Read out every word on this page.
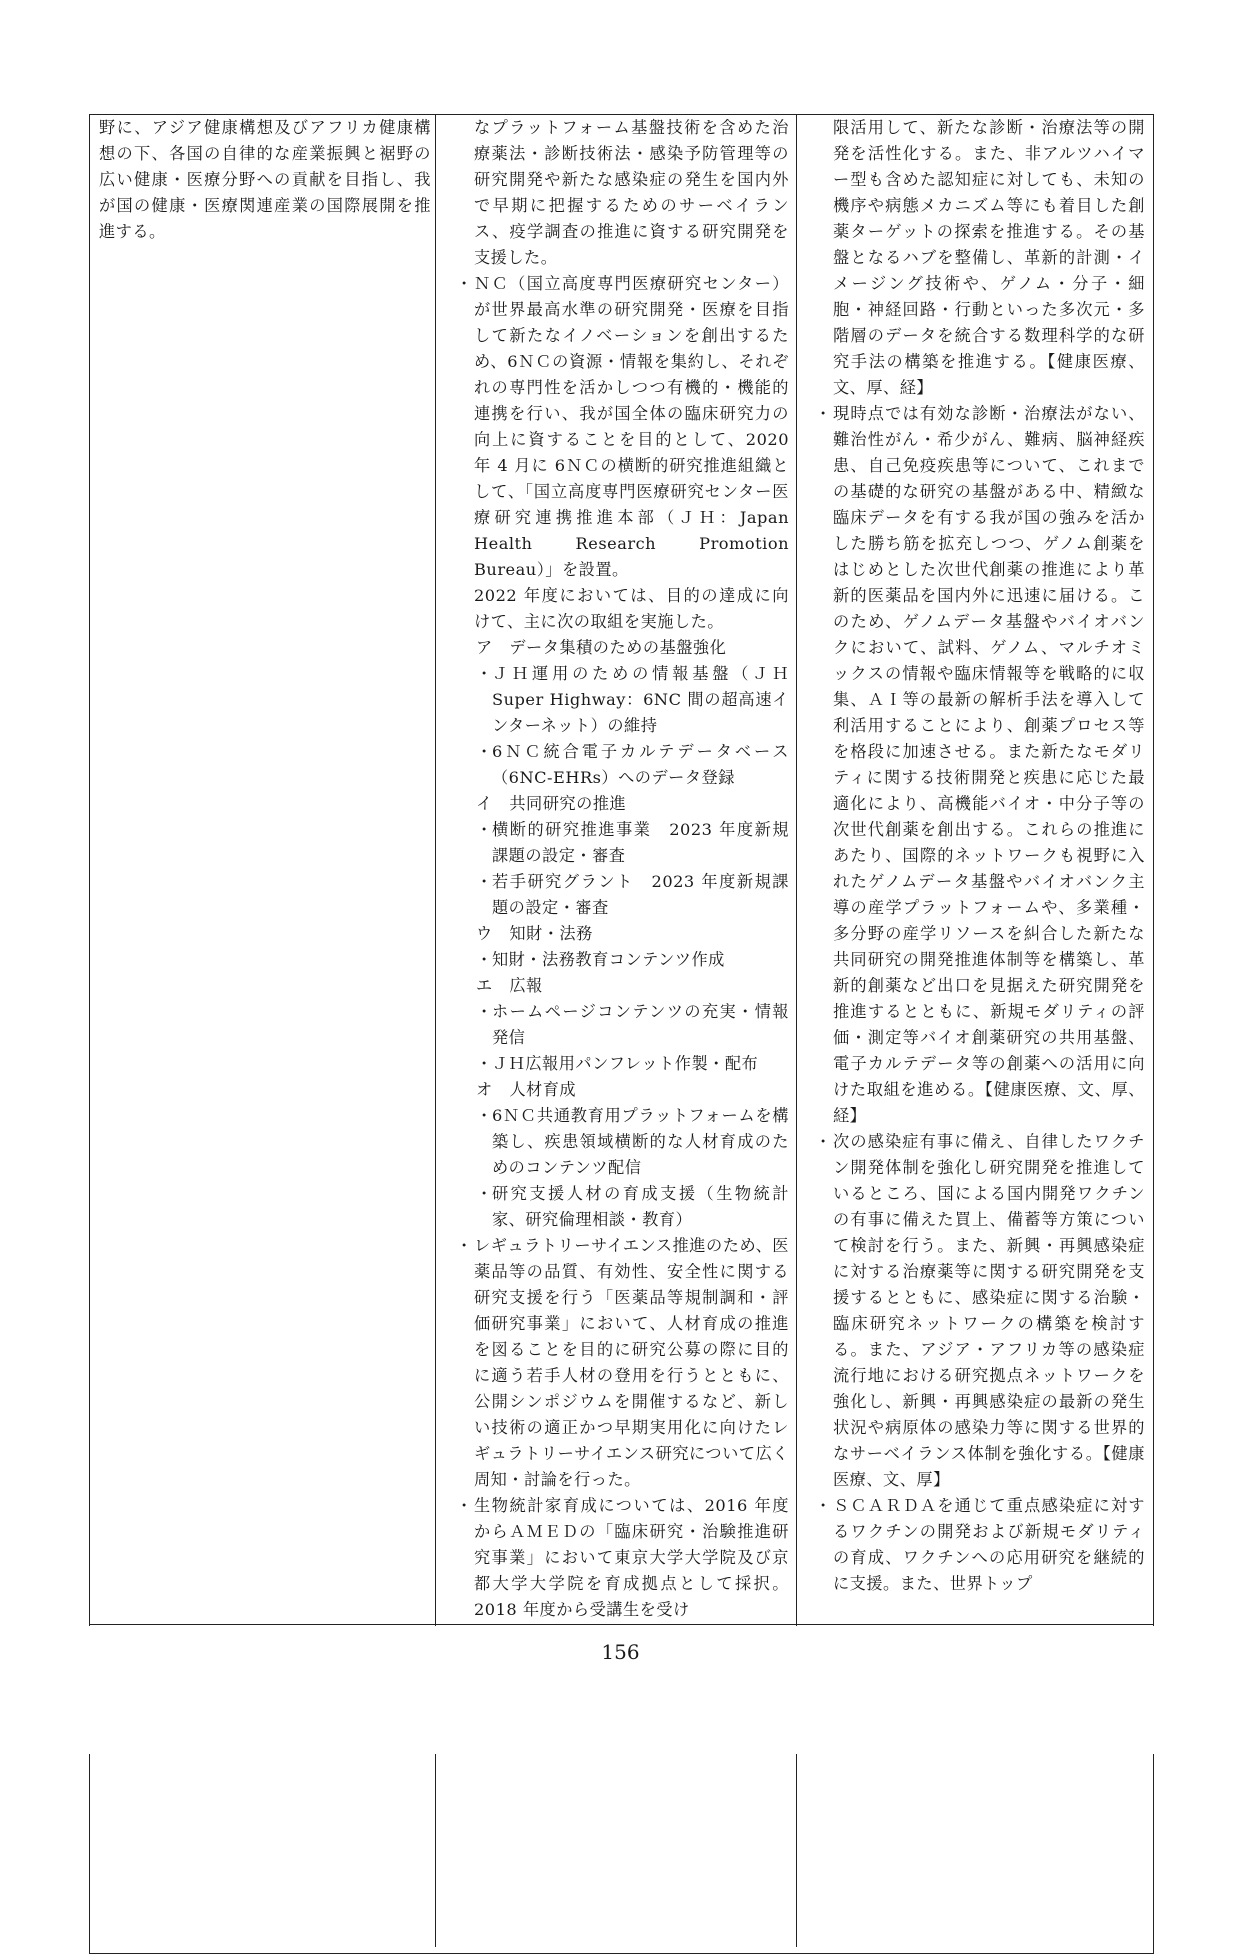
野に、アジア健康構想及びアフリカ健康構想の下、各国の自律的な産業振興と裾野の広い健康・医療分野への貢献を目指し、我が国の健康・医療関連産業の国際展開を推進する。

なプラットフォーム基盤技術を含めた治療薬法・診断技術法・感染予防管理等の研究開発や新たな感染症の発生を国内外で早期に把握するためのサーベイランス、疫学調査の推進に資する研究開発を支援した。

・ ＮＣ（国立高度専門医療研究センター）が世界最高水準の研究開発・医療を目指して新たなイノベーションを創出するため、6ＮＣの資源・情報を集約し、それぞれの専門性を活かしつつ有機的・機能的連携を行い、我が国全体の臨床研究力の向上に資することを目的として、2020 年 4 月に 6ＮＣの横断的研究推進組織として、「国立高度専門医療研究センター医療研究連携推進本部（ＪＨ：Japan Health Research Promotion Bureau）」を設置。

2022 年度においては、目的の達成に向けて、主に次の取組を実施した。

ア　データ集積のための基盤強化

・ ＪＨ運用のための情報基盤（ＪＨ Super Highway：6NC 間の超高速インターネット）の維持
・ 6ＮＣ統合電子カルテデータベース（6NC-EHRs）へのデータ登録

イ　共同研究の推進

・ 横断的研究推進事業　2023 年度新規課題の設定・審査
・ 若手研究グラント　2023 年度新規課題の設定・審査

ウ　知財・法務

・ 知財・法務教育コンテンツ作成

エ　広報

・ ホームページコンテンツの充実・情報発信
・ ＪＨ広報用パンフレット作製・配布

オ　人材育成

・ 6ＮＣ共通教育用プラットフォームを構築し、疾患領域横断的な人材育成のためのコンテンツ配信
・ 研究支援人材の育成支援（生物統計家、研究倫理相談・教育）
・ レギュラトリーサイエンス推進のため、医薬品等の品質、有効性、安全性に関する研究支援を行う「医薬品等規制調和・評価研究事業」において、人材育成の推進を図ることを目的に研究公募の際に目的に適う若手人材の登用を行うとともに、公開シンポジウムを開催するなど、新しい技術の適正かつ早期実用化に向けたレギュラトリーサイエンス研究について広く周知・討論を行った。
・ 生物統計家育成については、2016 年度からＡＭＥＤの「臨床研究・治験推進研究事業」において東京大学大学院及び京都大学大学院を育成拠点として採択。2018 年度から受講生を受け

限活用して、新たな診断・治療法等の開発を活性化する。また、非アルツハイマー型も含めた認知症に対しても、未知の機序や病態メカニズム等にも着目した創薬ターゲットの探索を推進する。その基盤となるハブを整備し、革新的計測・イメージング技術や、ゲノム・分子・細胞・神経回路・行動といった多次元・多階層のデータを統合する数理科学的な研究手法の構築を推進する。【健康医療、文、厚、経】

・ 現時点では有効な診断・治療法がない、難治性がん・希少がん、難病、脳神経疾患、自己免疫疾患等について、これまでの基礎的な研究の基盤がある中、精緻な臨床データを有する我が国の強みを活かした勝ち筋を拡充しつつ、ゲノム創薬をはじめとした次世代創薬の推進により革新的医薬品を国内外に迅速に届ける。このため、ゲノムデータ基盤やバイオバンクにおいて、試料、ゲノム、マルチオミックスの情報や臨床情報等を戦略的に収集、ＡＩ等の最新の解析手法を導入して利活用することにより、創薬プロセス等を格段に加速させる。また新たなモダリティに関する技術開発と疾患に応じた最適化により、高機能バイオ・中分子等の次世代創薬を創出する。これらの推進にあたり、国際的ネットワークも視野に入れたゲノムデータ基盤やバイオバンク主導の産学プラットフォームや、多業種・多分野の産学リソースを糾合した新たな共同研究の開発推進体制等を構築し、革新的創薬など出口を見据えた研究開発を推進するとともに、新規モダリティの評価・測定等バイオ創薬研究の共用基盤、電子カルテデータ等の創薬への活用に向けた取組を進める。【健康医療、文、厚、経】
・ 次の感染症有事に備え、自律したワクチン開発体制を強化し研究開発を推進しているところ、国による国内開発ワクチンの有事に備えた買上、備蓄等方策について検討を行う。また、新興・再興感染症に対する治療薬等に関する研究開発を支援するとともに、感染症に関する治験・臨床研究ネットワークの構築を検討する。また、アジア・アフリカ等の感染症流行地における研究拠点ネットワークを強化し、新興・再興感染症の最新の発生状況や病原体の感染力等に関する世界的なサーベイランス体制を強化する。【健康医療、文、厚】
・ ＳＣＡＲＤＡを通じて重点感染症に対するワクチンの開発および新規モダリティの育成、ワクチンへの応用研究を継続的に支援。また、世界トップ
156
